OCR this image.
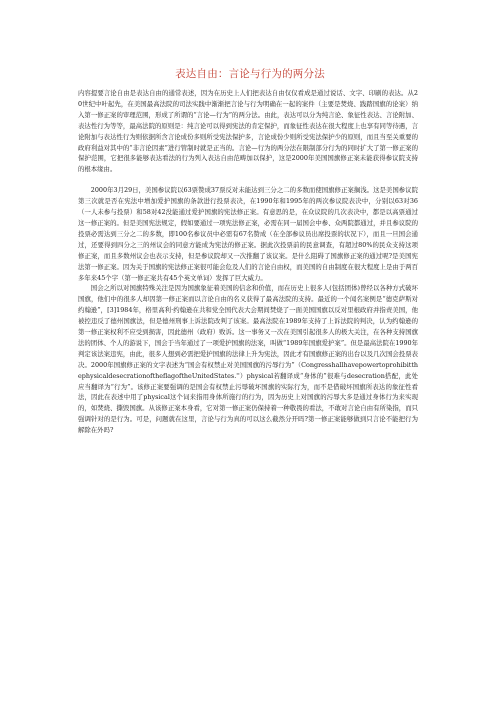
表达自由：言论与行为的两分法

内容提要言论自由是表达自由的通常表述，因为在历史上人们把表达自由仅仅看成是通过说话、文字、印刷的表达。从20世纪中叶起先，在美国最高法院的司法实践中渐渐把言论与行为明确在一起的案件（主要是焚烧、践踏国旗的论案）纳入第一修正案的审理范围，形成了所谓的“言论—行为”的两分法。由此，表达可以分为纯言论、象征性表达、言论附加、表达性行为等等，最高法院的原则是：纯言论可以得到宪法的肯定保护，而象征性表达在很大程度上也享有同等待遇，言论附加与表达性行为则依据所含言论成份多则所受宪法保护多，言论成份少则所受宪法保护少的原则，而且当至关重要的政府利益对其中的“非言论因素”进行管制时就是正当的。言论—行为的两分法在限制部分行为的同时扩大了第一修正案的保护范围，它把很多能够表达看法的行为列入表达自由范畴加以保护，这是2000年美国国旗修正案未能获得参议院支持的根本缘由。

2000年3月29日，美国参议院以63票赞成37票反对未能达到三分之二的多数而使国旗修正案搁浅。这是美国参议院第三次就是否在宪法中增加爱护国旗的条款进行投票表决，在1990年和1995年的两次参议院表决中，分别以63对36（一人未参与投票）和58对42没能通过爱护国旗的宪法修正案。有意思的是，在众议院的几次表决中，都是以高票通过这一修正案的。但是美国宪法规定，假如要通过一项宪法修正案，必需在同一届国会中参、众两院都通过，并且参议院的投票必需达到三分之二的多数，即100名参议员中必需有67名赞成（在全部参议员出席投票的状况下），而且一旦国会通过，还要得到四分之三的州议会的同意方能成为宪法的修正案。据此次投票前的民意调查，有超过80%的民众支持这项修正案，而且多数州议会也表示支持，但是参议院却又一次推翻了该议案。是什么阻碍了国旗修正案的通过呢?是美国宪法第一修正案。因为关于国旗的宪法修正案很可能会危及人们的言论自由权，而美国的自由制度在很大程度上是由于两百多年来45个字（第一修正案共有45个英文单词）发挥了巨大威力。

国会之所以对国旗特殊关注是因为国旗象征着美国的信念和价值，而在历史上很多人(包括团体)曾经以各种方式破坏国旗，他们中的很多人却因第一修正案而以言论自由的名义获得了最高法院的支持。最近的一个闻名案例是“德克萨斯对约翰逊”，[3]1984年，格里高利·约翰逊在共和党全国代表大会期间焚烧了一面美国国旗以反对里根政府并指责美国，他被控违反了德州国旗法，但是德州刑事上诉法院改判了该案。最高法院在1989年支持了上诉法院的判决，认为约翰逊的第一修正案权利不应受到损害，因此德州（政府）败诉。这一事务又一次在美国引起很多人的极大关注，在各种支持国旗法的团体、个人的游说下，国会于当年通过了一项爱护国旗的法案，叫做“1989年国旗爱护案”。但是最高法院在1990年判定该法案违宪，由此，很多人想到必需把爱护国旗的法律上升为宪法，因此才有国旗修正案的出台以及几次国会投票表决。2000年国旗修正案的文字表述为“国会有权禁止对美国国旗的污辱行为”（CongresshallhavepowertoprohibitthephysicaldesecrationoftheflagoftheUnitedStates.''）physical若翻译成“身体的”很难与desecration搭配，此处应当翻译为“行为”。该修正案要强调的是国会有权禁止污辱破坏国旗的实际行为，而不是借破坏国旗所表达的象征性看法，因此在表述中用了physical这个词来指用身体所施行的行为，因为历史上对国旗的污辱大多是通过身体行为来实现的，如焚烧、撕毁国旗。从该修正案本身看，它对第一修正案仍保持着一种敬畏的看法，不敢对言论自由有所染指，而只强调针对的是行为。可是，问题就在这里，言论与行为真的可以这么截然分开吗?第一修正案能够做到只言论不能把行为解除在外吗?
